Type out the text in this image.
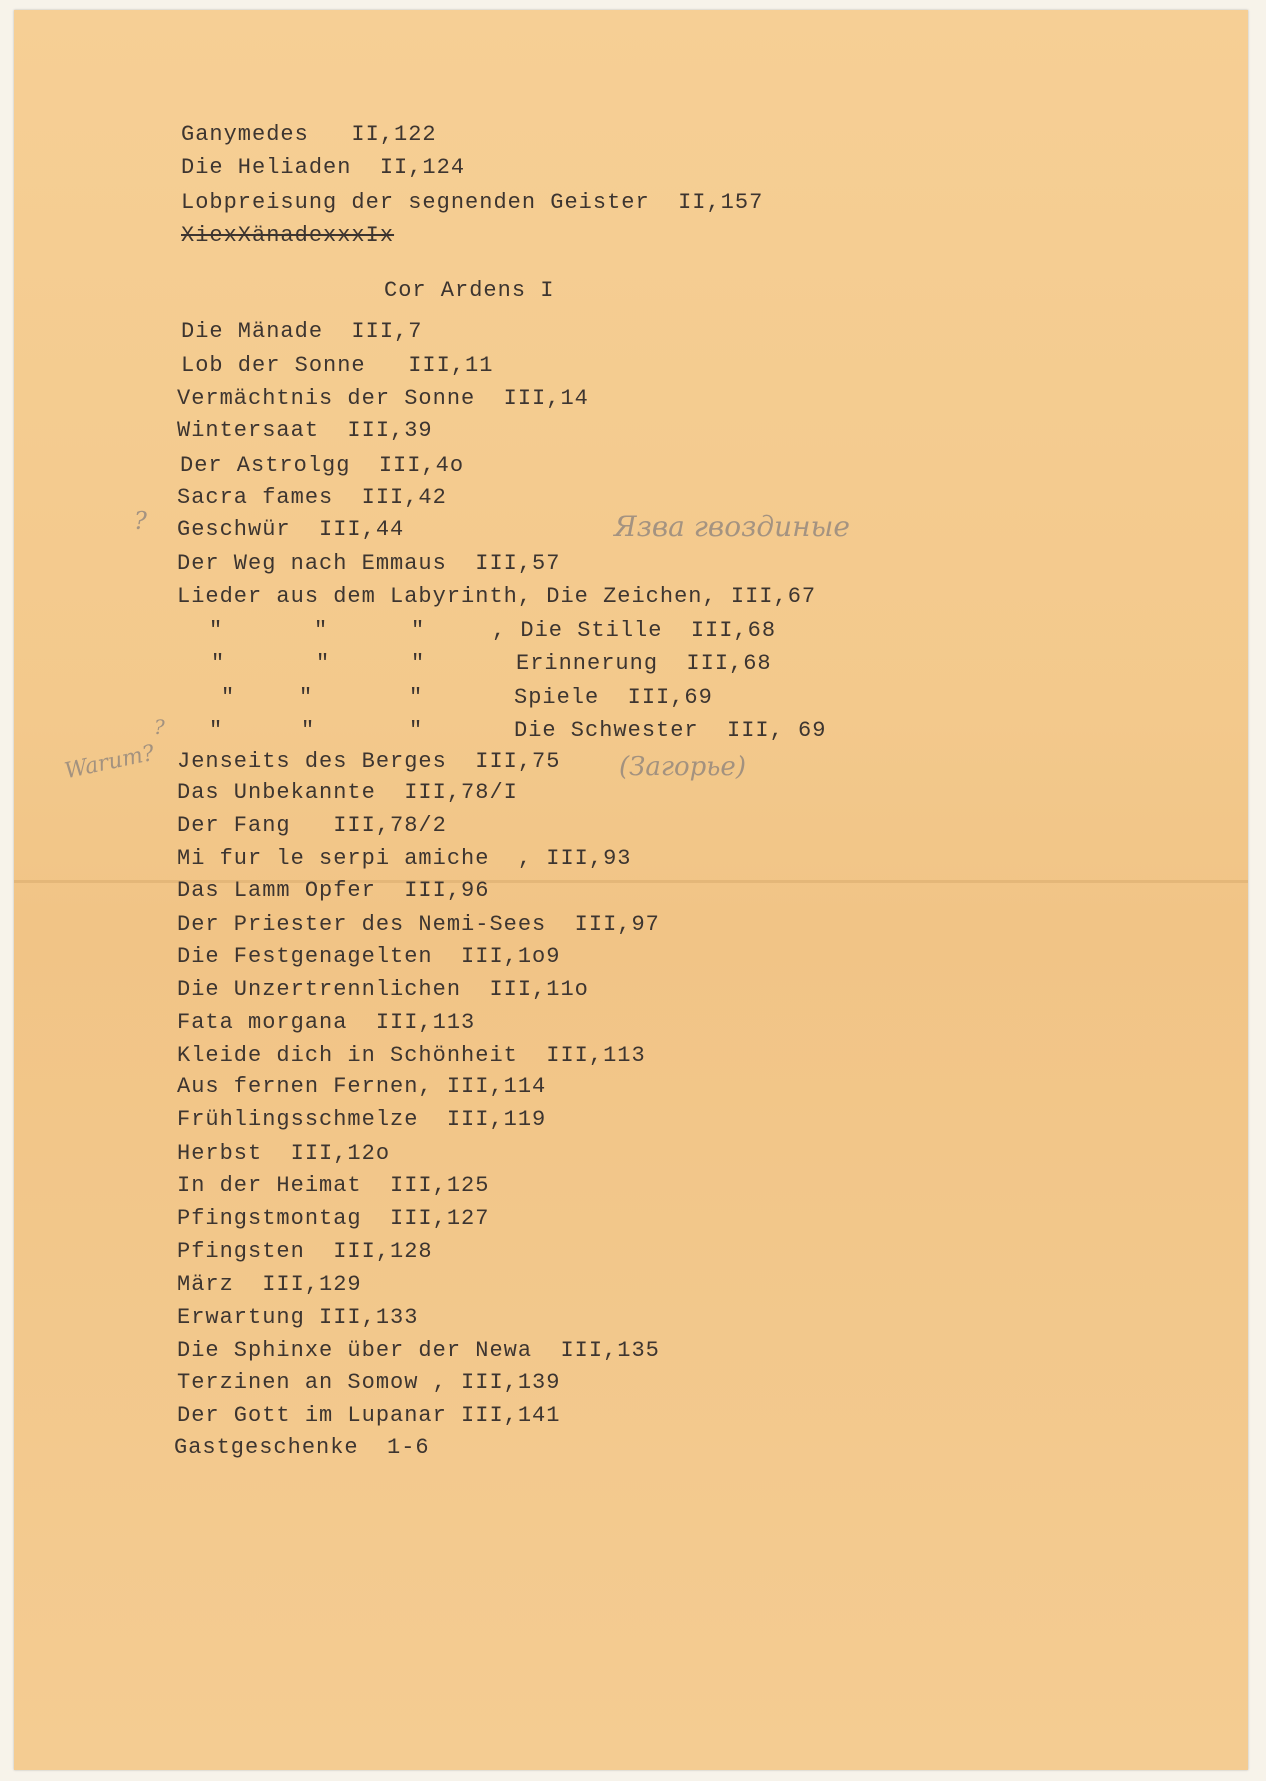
Ganymedes   II,122
Die Heliaden  II,124
Lobpreisung der segnenden Geister  II,157
XiexXänadexxxIx
Cor Ardens I
Die Mänade  III,7
Lob der Sonne   III,11
Vermächtnis der Sonne  III,14
Wintersaat  III,39
Der Astrolgg  III,4o
Sacra fames  III,42
Geschwür  III,44
Der Weg nach Emmaus  III,57
Lieder aus dem Labyrinth, Die Zeichen, III,67
"	"	"	, Die Stille  III,68
"	"	"	Erinnerung  III,68
"	"	"	Spiele  III,69
"	"	"	Die Schwester  III, 69
Jenseits des Berges  III,75
Das Unbekannte  III,78/I
Der Fang   III,78/2
Mi fur le serpi amiche  , III,93
Das Lamm Opfer  III,96
Der Priester des Nemi-Sees  III,97
Die Festgenagelten  III,1o9
Die Unzertrennlichen  III,11o
Fata morgana  III,113
Kleide dich in Schönheit  III,113
Aus fernen Fernen, III,114
Frühlingsschmelze  III,119
Herbst  III,12o
In der Heimat  III,125
Pfingstmontag  III,127
Pfingsten  III,128
März  III,129
Erwartung III,133
Die Sphinxe über der Newa  III,135
Terzinen an Somow , III,139
Der Gott im Lupanar III,141
Gastgeschenke  1-6
?	Язва гвоздиные
?
Warum?	(Загорье)
